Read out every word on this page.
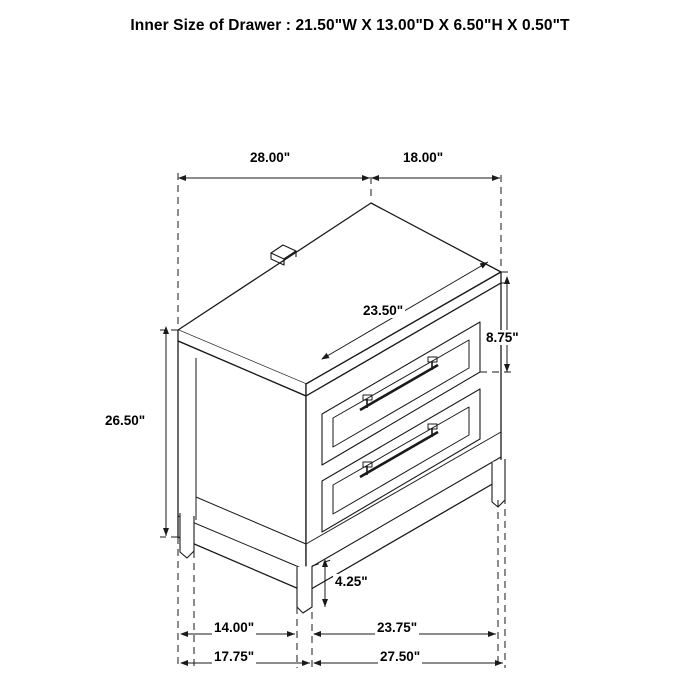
Inner Size of Drawer : 21.50"W X 13.00"D X 6.50"H X 0.50"T
28.00"	18.00"
23.50"
8.75"
26.50"
4.25"
14.00"	23.75"
17.75"	27.50"
